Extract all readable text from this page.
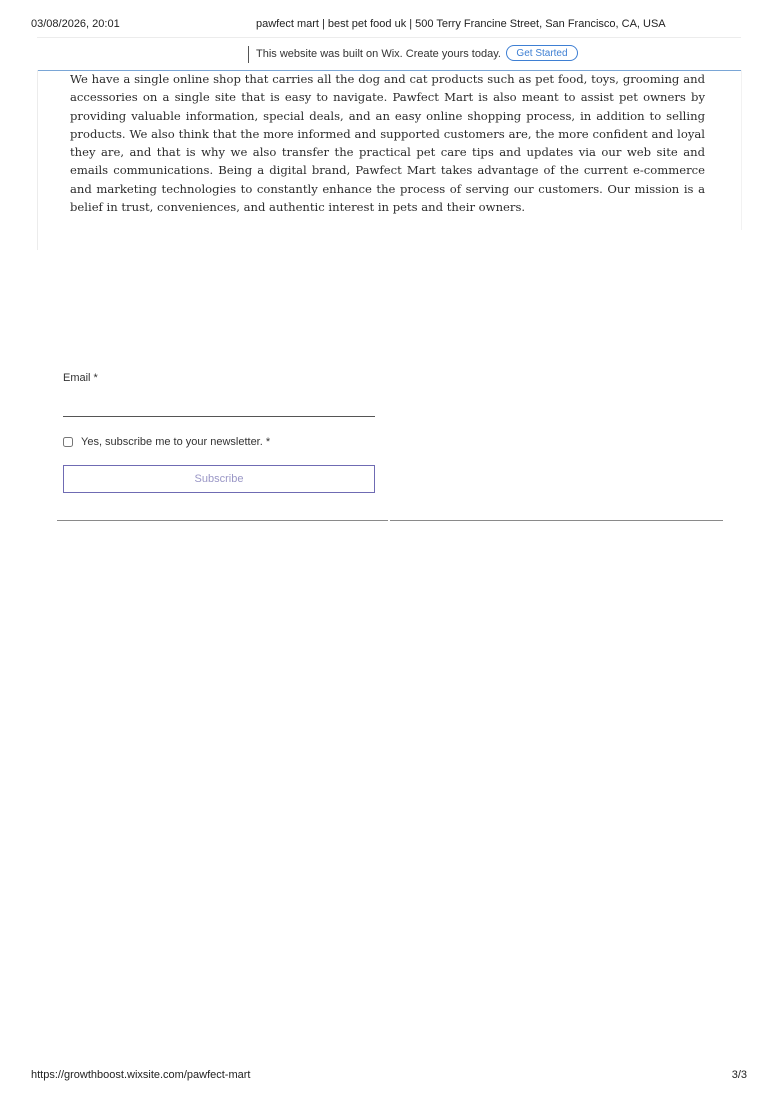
03/08/2026, 20:01	pawfect mart | best pet food uk | 500 Terry Francine Street, San Francisco, CA, USA
This website was built on Wix. Create yours today.	Get Started

We have a single online shop that carries all the dog and cat products such as pet food, toys, grooming and accessories on a single site that is easy to navigate. Pawfect Mart is also meant to assist pet owners by providing valuable information, special deals, and an easy online shopping process, in addition to selling products. We also think that the more informed and supported customers are, the more confident and loyal they are, and that is why we also transfer the practical pet care tips and updates via our web site and emails communications. Being a digital brand, Pawfect Mart takes advantage of the current e-commerce and marketing technologies to constantly enhance the process of serving our customers. Our mission is a belief in trust, conveniences, and authentic interest in pets and their owners.

Email *
Yes, subscribe me to your newsletter. *
Subscribe
https://growthboost.wixsite.com/pawfect-mart	3/3
